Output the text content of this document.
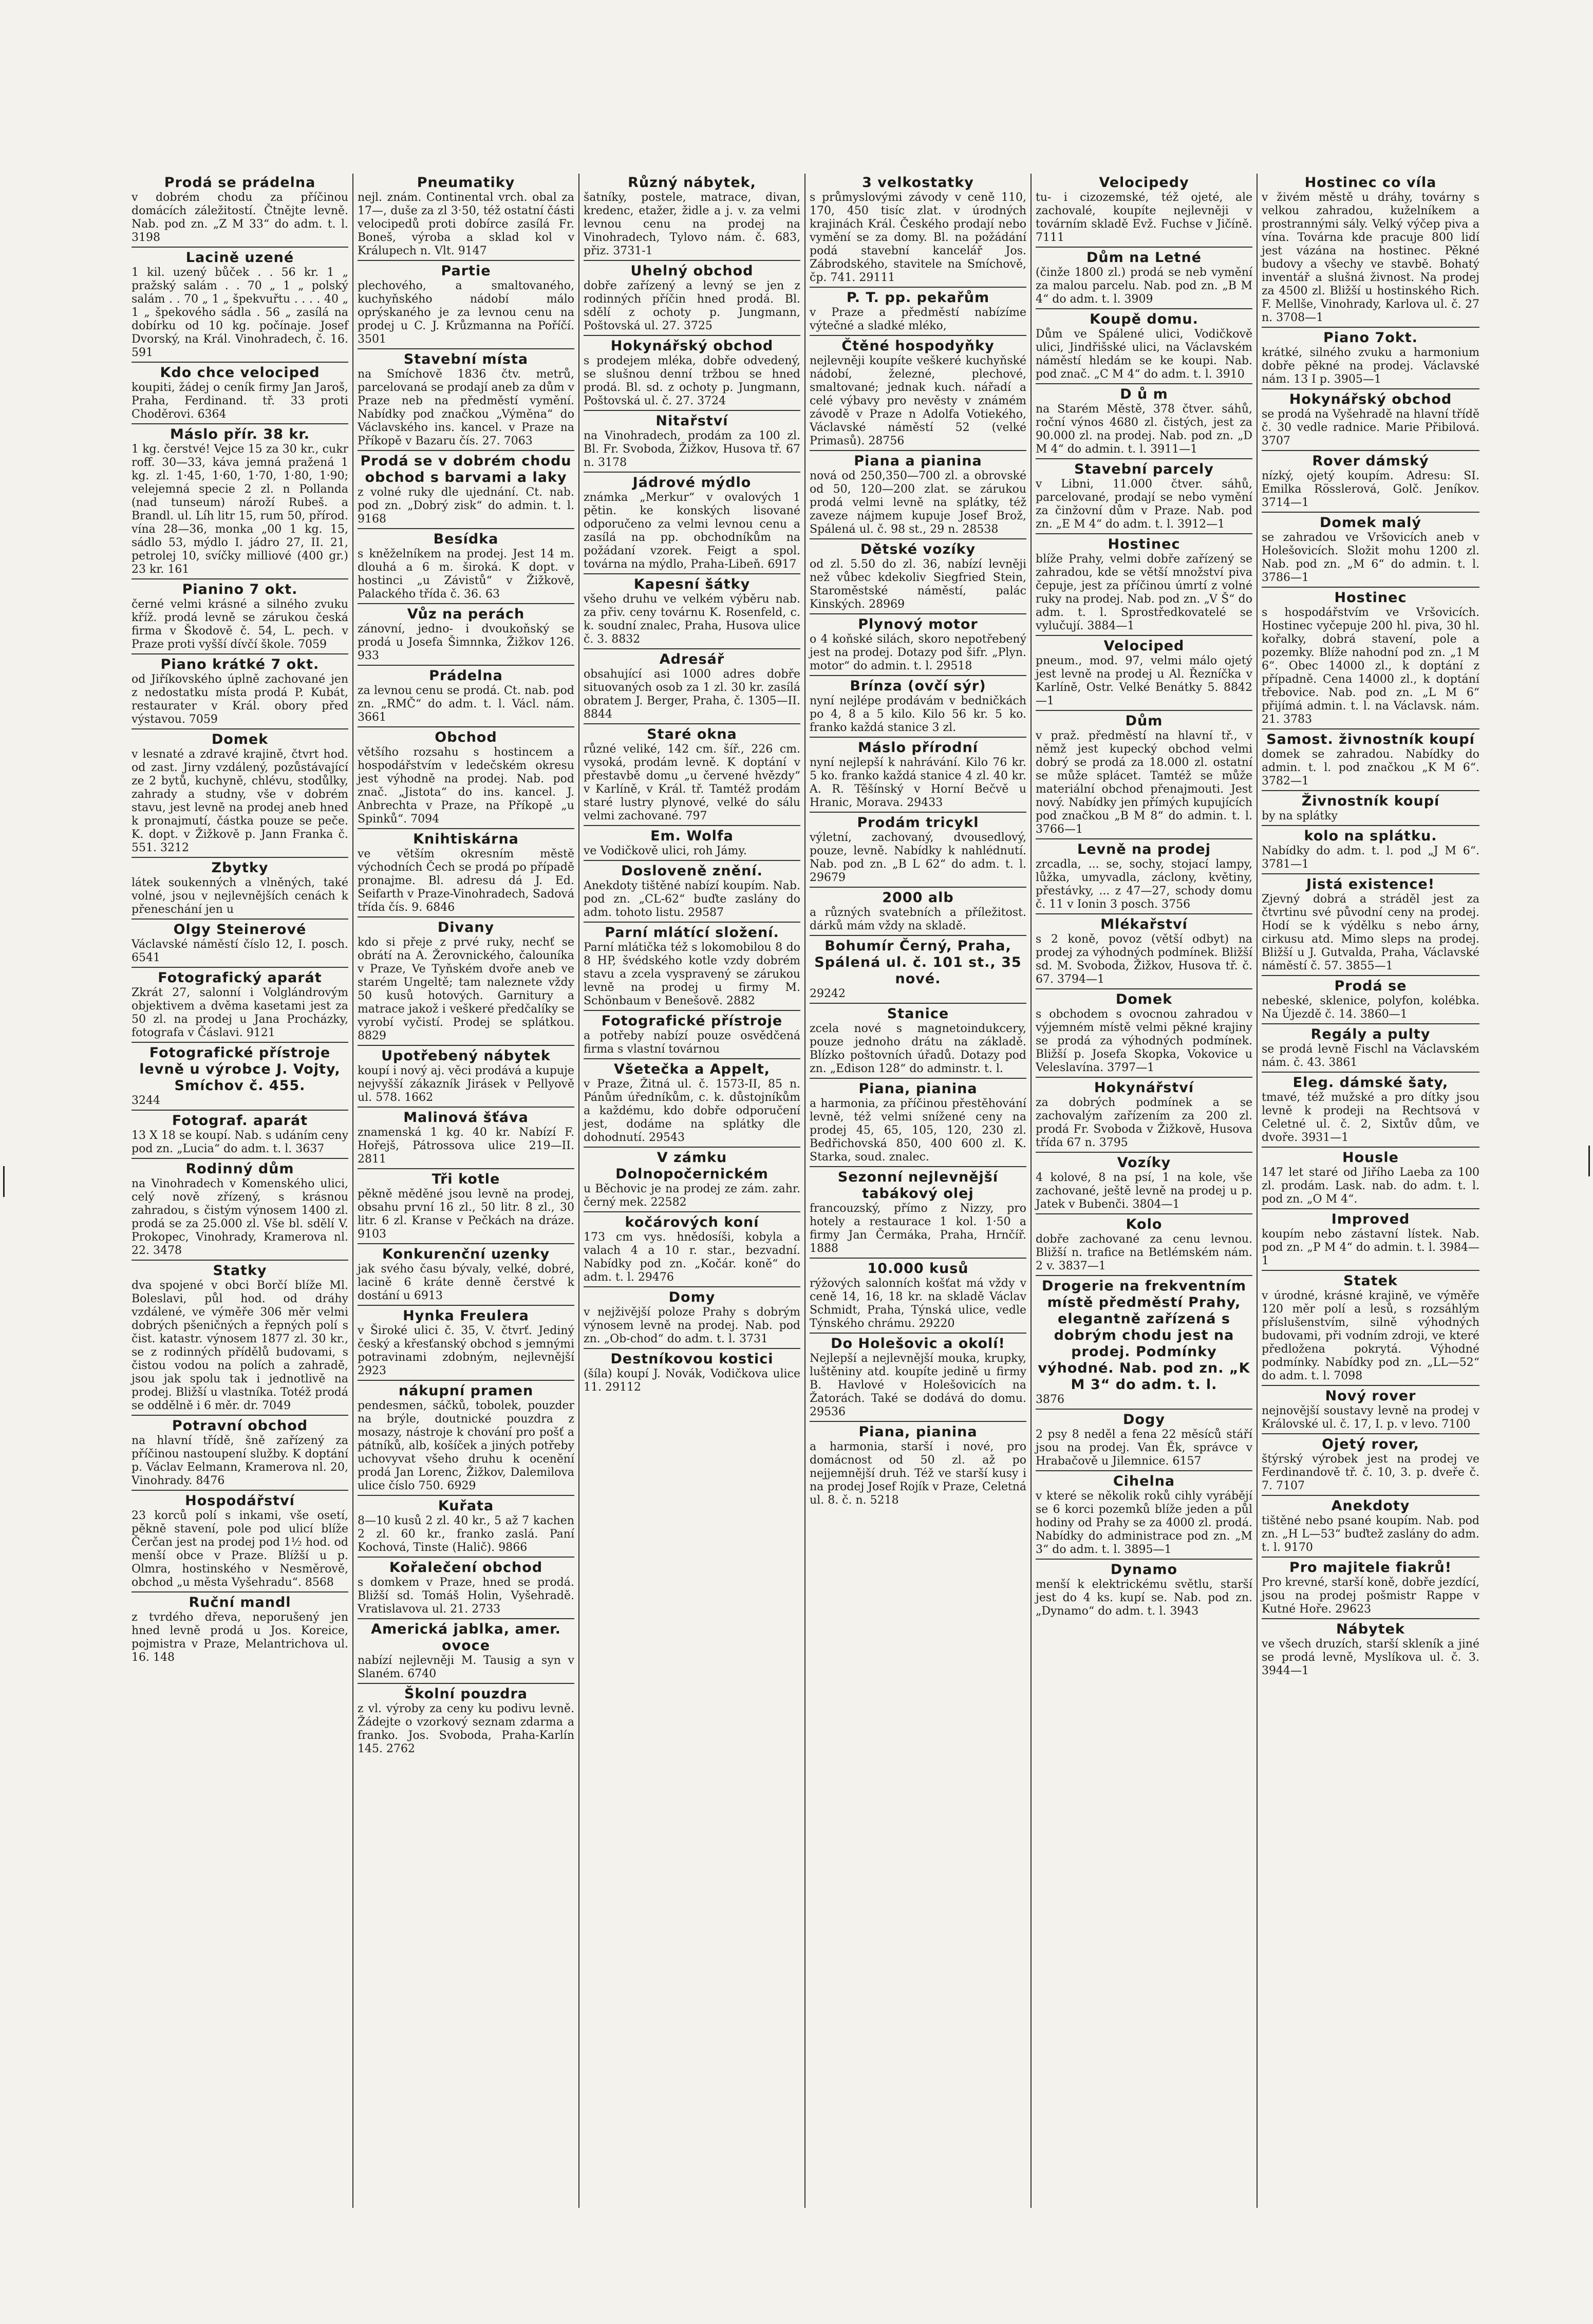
Prodá se prádelna
v dobrém chodu za příčinou domácích záležitostí. Čtnějte levně. Nab. pod zn. „Z M 33“ do adm. t. l. 3198
Lacině uzené
1 kil. uzený bůček . . 56 kr. 1 „ pražský salám . . 70 „ 1 „ polský salám . . 70 „ 1 „ špekvuřtu . . . . 40 „ 1 „ špekového sádla . 56 „ zasílá na dobírku od 10 kg. počínaje. Josef Dvorský, na Král. Vinohradech, č. 16. 591
Kdo chce velociped
koupiti, žádej o ceník firmy Jan Jaroš, Praha, Ferdinand. tř. 33 proti Choděrovi. 6364
Máslo přír. 38 kr.
1 kg. čerstvé! Vejce 15 za 30 kr., cukr roff. 30—33, káva jemná pražená 1 kg. zl. 1·45, 1·60, 1·70, 1·80, 1·90; velejemná specie 2 zl. n Pollanda (nad tunseum) nároží Rubeš. a Brandl. ul. Líh litr 15, rum 50, přírod. vína 28—36, monka „00 1 kg. 15, sádlo 53, mýdlo I. jádro 27, II. 21, petrolej 10, svíčky milliové (400 gr.) 23 kr. 161
Pianino 7 okt.
černé velmi krásné a silného zvuku kříž. prodá levně se zárukou česká firma v Škodově č. 54, L. pech. v Praze proti vyšší dívčí škole. 7059
Piano krátké 7 okt.
od Jiříkovského úplně zachované jen z nedostatku místa prodá P. Kubát, restaurater v Král. obory před výstavou. 7059
Domek
v lesnaté a zdravé krajině, čtvrt hod. od zast. Jirny vzdálený, pozůstávající ze 2 bytů, kuchyně, chlévu, stodůlky, zahrady a studny, vše v dobrém stavu, jest levně na prodej aneb hned k pronajmutí, částka pouze se peče. K. dopt. v Žižkově p. Jann Franka č. 551. 3212
Zbytky
látek soukenných a vlněných, také volné, jsou v nejlevnějších cenách k přeneschání jen u
Olgy Steinerové
Václavské náměstí číslo 12, I. posch. 6541
Fotografický aparát
Zkrát 27, salonní i Volglándrovým objektivem a dvěma kasetami jest za 50 zl. na prodej u Jana Procházky, fotografa v Čáslavi. 9121
Fotografické přístroje levně u výrobce J. Vojty, Smíchov č. 455.
3244
Fotograf. aparát
13 X 18 se koupí. Nab. s udáním ceny pod zn. „Lucia“ do adm. t. l. 3637
Rodinný dům
na Vinohradech v Komenského ulici, celý nově zřízený, s krásnou zahradou, s čistým výnosem 1400 zl. prodá se za 25.000 zl. Vše bl. sdělí V. Prokopec, Vinohrady, Kramerova nl. 22. 3478
Statky
dva spojené v obci Borčí blíže Ml. Boleslavi, půl hod. od dráhy vzdálené, ve výměře 306 měr velmi dobrých pšeničných a řepných polí s čist. katastr. výnosem 1877 zl. 30 kr., se z rodinných přídělů budovami, s čistou vodou na polích a zahradě, jsou jak spolu tak i jednotlivě na prodej. Bližší u vlastníka. Totéž prodá se oddělně i 6 měr. dr. 7049
Potravní obchod
na hlavní třídě, šně zařízený za příčinou nastoupení služby. K doptání p. Václav Eelmann, Kramerova nl. 20, Vinohrady. 8476
Hospodářství
23 korců polí s inkami, vše osetí, pěkně stavení, pole pod ulicí blíže Čerčan jest na prodej pod 1½ hod. od menší obce v Praze. Blížší u p. Olmra, hostinského v Nesměrově, obchod „u města Vyšehradu“. 8568
Ruční mandl
z tvrdého dřeva, neporušený jen hned levně prodá u Jos. Koreice, pojmistra v Praze, Melantrichova ul. 16. 148
Pneumatiky
nejl. znám. Continental vrch. obal za 17—, duše za zl 3·50, též ostatní části velocipedů proti dobírce zasílá Fr. Boneš, výroba a sklad kol v Králupech n. Vlt. 9147
Partie
plechového, a smaltovaného, kuchyňského nádobí málo oprýskaného je za levnou cenu na prodej u C. J. Krůzmanna na Poříčí. 3501
Stavební místa
na Smíchově 1836 čtv. metrů, parcelovaná se prodají aneb za dům v Praze neb na předměstí vymění. Nabídky pod značkou „Výměna“ do Václavského ins. kancel. v Praze na Příkopě v Bazaru čís. 27. 7063
Prodá se v dobrém chodu obchod s barvami a laky
z volné ruky dle ujednání. Ct. nab. pod zn. „Dobrý zisk“ do admin. t. l. 9168
Besídka
s kněželníkem na prodej. Jest 14 m. dlouhá a 6 m. široká. K dopt. v hostinci „u Závistů“ v Žižkově, Palackého třída č. 36. 63
Vůz na perách
zánovní, jedno- i dvoukoňský se prodá u Josefa Šimnnka, Žižkov 126. 933
Prádelna
za levnou cenu se prodá. Ct. nab. pod zn. „RMČ“ do adm. t. l. Václ. nám. 3661
Obchod
většího rozsahu s hostincem a hospodářstvím v ledečském okresu jest výhodně na prodej. Nab. pod znač. „Jistota“ do ins. kancel. J. Anbrechta v Praze, na Příkopě „u Spinků“. 7094
Knihtiskárna
ve větším okresním městě východních Čech se prodá po případě pronajme. Bl. adresu dá J. Ed. Seifarth v Praze-Vinohradech, Sadová třída čís. 9. 6846
Divany
kdo si přeje z prvé ruky, nechť se obrátí na A. Žerovnického, čalouníka v Praze, Ve Tyňském dvoře aneb ve starém Ungeltě; tam naleznete vždy 50 kusů hotových. Garnitury a matrace jakož i veškeré předčalíky se vyrobí vyčistí. Prodej se splátkou. 8829
Upotřebený nábytek
koupí i nový aj. věci prodává a kupuje nejvyšší zákazník Jirásek v Pellyově ul. 578. 1662
Malinová šťáva
znamenská 1 kg. 40 kr. Nabízí F. Hořejš, Pátrossova ulice 219—II. 2811
Tři kotle
pěkně měděné jsou levně na prodej, obsahu první 16 zl., 50 litr. 8 zl., 30 litr. 6 zl. Kranse v Pečkách na dráze. 9103
Konkurenční uzenky
jak svého času bývaly, velké, dobré, lacině 6 kráte denně čerstvé k dostání u 6913
Hynka Freulera
v Široké ulici č. 35, V. čtvrť. Jediný český a křesťanský obchod s jemnými potravinami zdobným, nejlevnější 2923
nákupní pramen
pendesmen, sáčků, tobolek, pouzder na brýle, doutnické pouzdra z mosazy, nástroje k chování pro pošť a pátníků, alb, košíček a jiných potřeby uchovyvat všeho druhu k ocenění prodá Jan Lorenc, Žižkov, Dalemilova ulice číslo 750. 6929
Kuřata
8—10 kusů 2 zl. 40 kr., 5 až 7 kachen 2 zl. 60 kr., franko zaslá. Paní Kochová, Tinste (Halič). 9866
Kořalečení obchod
s domkem v Praze, hned se prodá. Bližší sd. Tomáš Holin, Vyšehradě. Vratislavova ul. 21. 2733
Americká jablka, amer. ovoce
nabízí nejlevněji M. Tausig a syn v Slaném. 6740
Školní pouzdra
z vl. výroby za ceny ku podivu levně. Žádejte o vzorkový seznam zdarma a franko. Jos. Svoboda, Praha-Karlín 145. 2762
Různý nábytek,
šatníky, postele, matrace, divan, kredenc, etažer, židle a j. v. za velmi levnou cenu na prodej na Vinohradech, Tylovo nám. č. 683, přiz. 3731-1
Uhelný obchod
dobře zařízený a levný se jen z rodinných příčin hned prodá. Bl. sdělí z ochoty p. Jungmann, Poštovská ul. 27. 3725
Hokynářský obchod
s prodejem mléka, dobře odvedený, se slušnou denní tržbou se hned prodá. Bl. sd. z ochoty p. Jungmann, Poštovská ul. č. 27. 3724
Nitařství
na Vinohradech, prodám za 100 zl. Bl. Fr. Svoboda, Žižkov, Husova tř. 67 n. 3178
Jádrové mýdlo
známka „Merkur“ v ovalových 1 pětin. ke konských lisované odporučeno za velmi levnou cenu a zasílá na pp. obchodníkům na požádaní vzorek. Feigt a spol. továrna na mýdlo, Praha-Libeň. 6917
Kapesní šátky
všeho druhu ve velkém výběru nab. za přiv. ceny továrnu K. Rosenfeld, c. k. soudní znalec, Praha, Husova ulice č. 3. 8832
Adresář
obsahující asi 1000 adres dobře situovaných osob za 1 zl. 30 kr. zasílá obratem J. Berger, Praha, č. 1305—II. 8844
Staré okna
různé veliké, 142 cm. šíř., 226 cm. vysoká, prodám levně. K doptání v přestavbě domu „u červené hvězdy“ v Karlíně, v Král. tř. Tamtéž prodám staré lustry plynové, velké do sálu velmi zachované. 797
Em. Wolfa
ve Vodičkově ulici, roh Jámy.
Dosloveně znění.
Anekdoty tištěné nabízí koupím. Nab. pod zn. „CL-62“ buďte zaslány do adm. tohoto listu. 29587
Parní mlátící složení.
Parní mlátička též s lokomobilou 8 do 8 HP, švédského kotle vzdy dobrém stavu a zcela vyspravený se zárukou levně na prodej u firmy M. Schönbaum v Benešově. 2882
Fotografické přístroje
a potřeby nabízí pouze osvědčená firma s vlastní továrnou
Všetečka a Appelt,
v Praze, Žitná ul. č. 1573-II, 85 n. Pánům úředníkům, c. k. důstojníkům a každému, kdo dobře odporučení jest, dodáme na splátky dle dohodnutí. 29543
V zámku Dolnopočernickém
u Běchovic je na prodej ze zám. zahr. černý mek. 22582
kočárových koní
173 cm vys. hnědosíši, kobyla a valach 4 a 10 r. star., bezvadní. Nabídky pod zn. „Kočár. koně“ do adm. t. l. 29476
Domy
v nejživější poloze Prahy s dobrým výnosem levně na prodej. Nab. pod zn. „Ob-chod“ do adm. t. l. 3731
Destníkovou kostici
(šíla) koupí J. Novák, Vodičkova ulice 11. 29112
3 velkostatky
s průmyslovými závody v ceně 110, 170, 450 tisíc zlat. v úrodných krajinách Král. Českého prodají nebo vymění se za domy. Bl. na požádání podá stavební kancelář Jos. Zábrodského, stavitele na Smíchově, čp. 741. 29111
P. T. pp. pekařům
v Praze a předměstí nabízíme výtečné a sladké mléko,
Čtěné hospodyňky
nejlevněji koupíte veškeré kuchyňské nádobí, železné, plechové, smaltované; jednak kuch. nářadí a celé výbavy pro nevěsty v známém závodě v Praze n Adolfa Votiekého, Václavské náměstí 52 (velké Primasů). 28756
Piana a pianina
nová od 250,350—700 zl. a obrovské od 50, 120—200 zlat. se zárukou prodá velmi levně na splátky, též zaveze nájmem kupuje Josef Brož, Spálená ul. č. 98 st., 29 n. 28538
Dětské vozíky
od zl. 5.50 do zl. 36, nabízí levněji než vůbec kdekoliv Siegfried Stein, Staroměstské náměstí, palác Kinských. 28969
Plynový motor
o 4 koňské silách, skoro nepotřebený jest na prodej. Dotazy pod šifr. „Plyn. motor“ do admin. t. l. 29518
Brínza (ovčí sýr)
nyní nejlépe prodávám v bedničkách po 4, 8 a 5 kilo. Kilo 56 kr. 5 ko. franko každá stanice 3 zl.
Máslo přírodní
nyní nejlepší k nahrávání. Kilo 76 kr. 5 ko. franko každá stanice 4 zl. 40 kr. A. R. Těšínský v Horní Bečvě u Hranic, Morava. 29433
Prodám tricykl
výletní, zachovaný, dvousedlový, pouze, levně. Nabídky k nahlédnutí. Nab. pod zn. „B L 62“ do adm. t. l. 29679
2000 alb
a různých svatebních a příležitost. dárků mám vždy na skladě.
Bohumír Černý, Praha, Spálená ul. č. 101 st., 35 nové.
29242
Stanice
zcela nové s magnetoindukcery, pouze jednoho drátu na základě. Blízko poštovních úřadů. Dotazy pod zn. „Edison 128“ do adminstr. t. l.
Piana, pianina
a harmonia, za příčinou přestěhování levně, též velmi snížené ceny na prodej 45, 65, 105, 120, 230 zl. Bedřichovská 850, 400 600 zl. K. Starka, soud. znalec.
Sezonní nejlevnější tabákový olej
francouzský, přímo z Nizzy, pro hotely a restaurace 1 kol. 1·50 a firmy Jan Čermáka, Praha, Hrnčíř. 1888
10.000 kusů
rýžových salonních košťat má vždy v ceně 14, 16, 18 kr. na skladě Václav Schmidt, Praha, Týnská ulice, vedle Týnského chrámu. 29220
Do Holešovic a okolí!
Nejlepší a nejlevnější mouka, krupky, luštěniny atd. koupíte jedině u firmy B. Havlové v Holešovicích na Žatorách. Také se dodává do domu. 29536
Piana, pianina
a harmonia, starší i nové, pro domácnost od 50 zl. až po nejjemnější druh. Též ve starší kusy i na prodej Josef Rojík v Praze, Celetná ul. 8. č. n. 5218
Velocipedy
tu- i cizozemské, též ojeté, ale zachovalé, koupíte nejlevněji v továrním skladě Evž. Fuchse v Jičíně. 7111
Dům na Letné
(činže 1800 zl.) prodá se neb vymění za malou parcelu. Nab. pod zn. „B M 4“ do adm. t. l. 3909
Koupě domu.
Dům ve Spálené ulici, Vodičkově ulici, Jindřišské ulici, na Václavském náměstí hledám se ke koupi. Nab. pod znač. „C M 4“ do adm. t. l. 3910
D ů m
na Starém Městě, 378 čtver. sáhů, roční výnos 4680 zl. čistých, jest za 90.000 zl. na prodej. Nab. pod zn. „D M 4“ do admin. t. l. 3911—1
Stavební parcely
v Libni, 11.000 čtver. sáhů, parcelované, prodají se nebo vymění za činžovní dům v Praze. Nab. pod zn. „E M 4“ do adm. t. l. 3912—1
Hostinec
blíže Prahy, velmi dobře zařízený se zahradou, kde se větší množství piva čepuje, jest za příčinou úmrtí z volné ruky na prodej. Nab. pod zn. „V Š“ do adm. t. l. Sprostředkovatelé se vylučují. 3884—1
Velociped
pneum., mod. 97, velmi málo ojetý jest levně na prodej u Al. Řezníčka v Karlíně, Ostr. Velké Benátky 5. 8842—1
Dům
v praž. předměstí na hlavní tř., v němž jest kupecký obchod velmi dobrý se prodá za 18.000 zl. ostatní se může splácet. Tamtéž se může materiální obchod přenajmouti. Jest nový. Nabídky jen přímých kupujících pod značkou „B M 8“ do admin. t. l. 3766—1
Levně na prodej
zrcadla, ... se, sochy, stojací lampy, lůžka, umyvadla, záclony, květiny, přestávky, ... z 47—27, schody domu č. 11 v Ionin 3 posch. 3756
Mlékařství
s 2 koně, povoz (větší odbyt) na prodej za výhodných podmínek. Bližší sd. M. Svoboda, Žižkov, Husova tř. č. 67. 3794—1
Domek
s obchodem s ovocnou zahradou v výjemném místě velmi pěkné krajiny se prodá za výhodných podmínek. Bližší p. Josefa Skopka, Vokovice u Veleslavína. 3797—1
Hokynářství
za dobrých podmínek a se zachovalým zařízením za 200 zl. prodá Fr. Svoboda v Žižkově, Husova třída 67 n. 3795
Vozíky
4 kolové, 8 na psí, 1 na kole, vše zachované, ještě levně na prodej u p. Jatek v Bubenči. 3804—1
Kolo
dobře zachované za cenu levnou. Bližší n. trafice na Betlémském nám. 2 v. 3837—1
Drogerie na frekventním místě předměstí Prahy, elegantně zařízená s dobrým chodu jest na prodej. Podmínky výhodné. Nab. pod zn. „K M 3“ do adm. t. l.
3876
Dogy
2 psy 8 neděl a fena 22 měsíců stáří jsou na prodej. Van Ěk, správce v Hrabačově u Jilemnice. 6157
Cihelna
v které se několik roků cihly vyrábějí se 6 korci pozemků blíže jeden a půl hodiny od Prahy se za 4000 zl. prodá. Nabídky do administrace pod zn. „M 3“ do adm. t. l. 3895—1
Dynamo
menší k elektrickému světlu, starší jest do 4 ks. kupí se. Nab. pod zn. „Dynamo“ do adm. t. l. 3943
Hostinec co víla
v živém městě u dráhy, továrny s velkou zahradou, kuželníkem a prostrannými sály. Velký výčep piva a vína. Továrna kde pracuje 800 lidí jest vázána na hostinec. Pěkné budovy a všechy ve stavbě. Bohatý inventář a slušná živnost. Na prodej za 4500 zl. Bližší u hostinského Rich. F. Mellše, Vinohrady, Karlova ul. č. 27 n. 3708—1
Piano 7okt.
krátké, silného zvuku a harmonium dobře pěkné na prodej. Václavské nám. 13 I p. 3905—1
Hokynářský obchod
se prodá na Vyšehradě na hlavní třídě č. 30 vedle radnice. Marie Přibilová. 3707
Rover dámský
nízký, ojetý koupím. Adresu: SI. Emilka Rösslerová, Golč. Jeníkov. 3714—1
Domek malý
se zahradou ve Vršovicích aneb v Holešovicích. Složit mohu 1200 zl. Nab. pod zn. „M 6“ do admin. t. l. 3786—1
Hostinec
s hospodářstvím ve Vršovicích. Hostinec vyčepuje 200 hl. piva, 30 hl. kořalky, dobrá stavení, pole a pozemky. Blíže nahodní pod zn. „1 M 6“. Obec 14000 zl., k doptání z případně. Cena 14000 zl., k doptání třebovice. Nab. pod zn. „L M 6“ přijímá admin. t. l. na Václavsk. nám. 21. 3783
Samost. živnostník koupí
domek se zahradou. Nabídky do admin. t. l. pod značkou „K M 6“. 3782—1
Živnostník koupí
by na splátky
kolo na splátku.
Nabídky do adm. t. l. pod „J M 6“. 3781—1
Jistá existence!
Zjevný dobrá a stráděl jest za čtvrtinu své původní ceny na prodej. Hodí se k výdělku s nebo árny, cirkusu atd. Mimo sleps na prodej. Bližší u J. Gutvalda, Praha, Václavské náměstí č. 57. 3855—1
Prodá se
nebeské, sklenice, polyfon, kolébka. Na Újezdě č. 14. 3860—1
Regály a pulty
se prodá levně Fischl na Václavském nám. č. 43. 3861
Eleg. dámské šaty,
tmavé, též mužské a pro dítky jsou levně k prodeji na Rechtsová v Celetné ul. č. 2, Sixtův dům, ve dvoře. 3931—1
Housle
147 let staré od Jiřího Laeba za 100 zl. prodám. Lask. nab. do adm. t. l. pod zn. „O M 4“.
Improved
koupím nebo zástavní lístek. Nab. pod zn. „P M 4“ do admin. t. l. 3984—1
Statek
v úrodné, krásné krajině, ve výměře 120 měr polí a lesů, s rozsáhlým příslušenstvím, silně výhodných budovami, při vodním zdroji, ve které předložena pokrytá. Výhodné podmínky. Nabídky pod zn. „LL—52“ do adm. t. l. 7098
Nový rover
nejnovější soustavy levně na prodej v Královské ul. č. 17, I. p. v levo. 7100
Ojetý rover,
štýrský výrobek jest na prodej ve Ferdinandově tř. č. 10, 3. p. dveře č. 7. 7107
Anekdoty
tištěné nebo psané koupím. Nab. pod zn. „H L—53“ buďtež zaslány do adm. t. l. 9170
Pro majitele fiakrů!
Pro krevné, starší koně, dobře jezdící, jsou na prodej pošmistr Rappe v Kutné Hoře. 29623
Nábytek
ve všech druzích, starší skleník a jiné se prodá levně, Myslíkova ul. č. 3. 3944—1
